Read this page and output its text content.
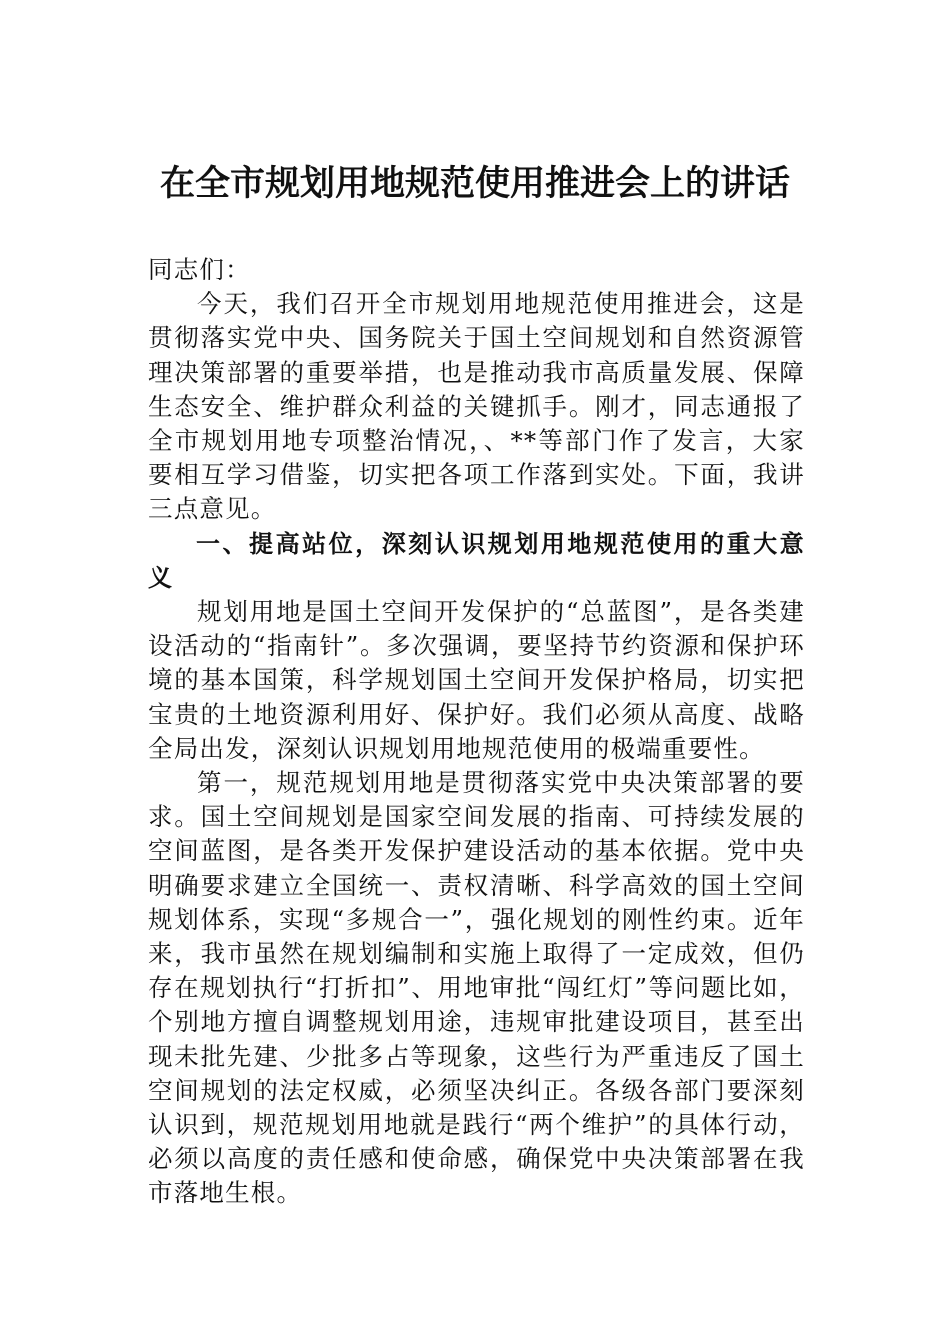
在全市规划用地规范使用推进会上的讲话

同志们：

今天，我们召开全市规划用地规范使用推进会，这是贯彻落实党中央、国务院关于国土空间规划和自然资源管理决策部署的重要举措，也是推动我市高质量发展、保障生态安全、维护群众利益的关键抓手。刚才，同志通报了全市规划用地专项整治情况，、**等部门作了发言，大家要相互学习借鉴，切实把各项工作落到实处。下面，我讲三点意见。

一、提高站位，深刻认识规划用地规范使用的重大意义

规划用地是国土空间开发保护的“总蓝图”，是各类建设活动的“指南针”。多次强调，要坚持节约资源和保护环境的基本国策，科学规划国土空间开发保护格局，切实把宝贵的土地资源利用好、保护好。我们必须从高度、战略全局出发，深刻认识规划用地规范使用的极端重要性。

第一，规范规划用地是贯彻落实党中央决策部署的要求。国土空间规划是国家空间发展的指南、可持续发展的空间蓝图，是各类开发保护建设活动的基本依据。党中央明确要求建立全国统一、责权清晰、科学高效的国土空间规划体系，实现“多规合一”，强化规划的刚性约束。近年来，我市虽然在规划编制和实施上取得了一定成效，但仍存在规划执行“打折扣”、用地审批“闯红灯”等问题比如，个别地方擅自调整规划用途，违规审批建设项目，甚至出现未批先建、少批多占等现象，这些行为严重违反了国土空间规划的法定权威，必须坚决纠正。各级各部门要深刻认识到，规范规划用地就是践行“两个维护”的具体行动，必须以高度的责任感和使命感，确保党中央决策部署在我市落地生根。
